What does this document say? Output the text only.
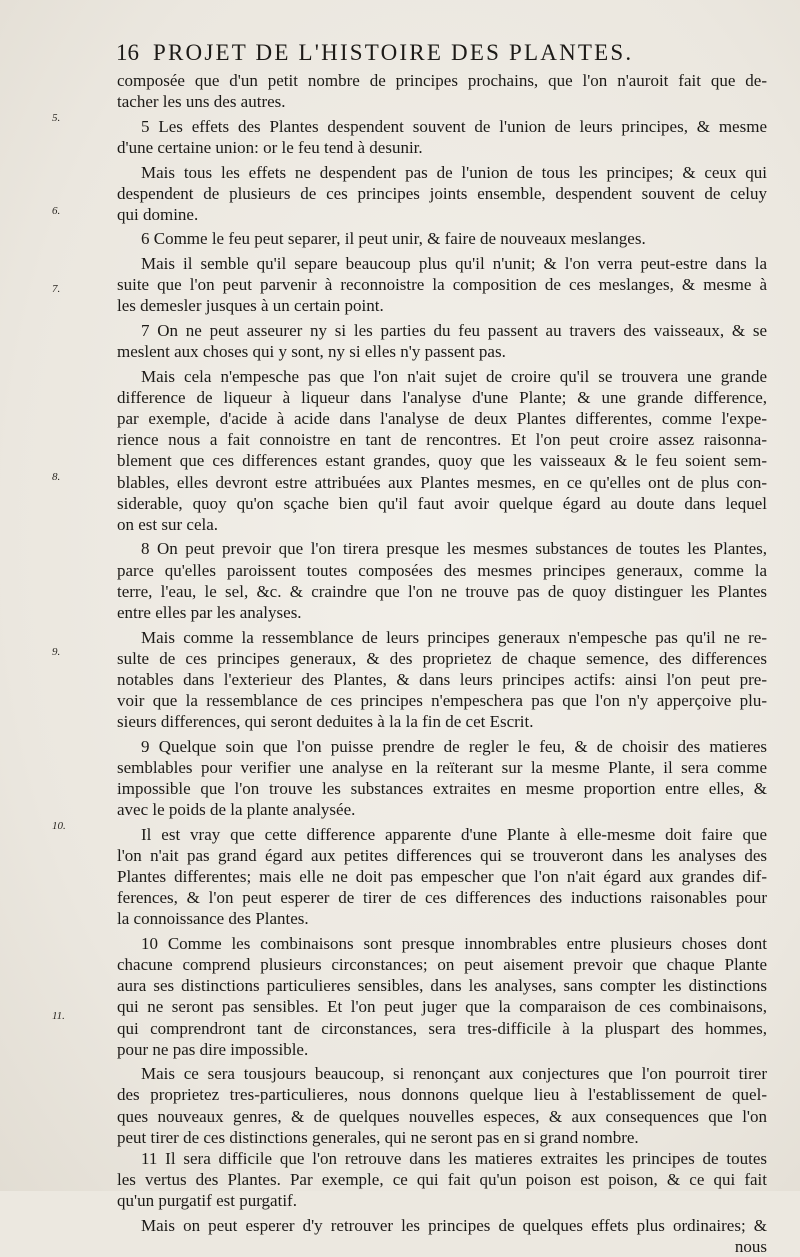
16 PROJET DE L'HISTOIRE DES PLANTES.
5.
6.
7.
8.
9.
10.
11.
composée que d'un petit nombre de principes prochains, que l'on n'auroit fait que de-
tacher les uns des autres.
5 Les effets des Plantes despendent souvent de l'union de leurs principes, & mesme
d'une certaine union: or le feu tend à desunir.
Mais tous les effets ne despendent pas de l'union de tous les principes; & ceux qui
despendent de plusieurs de ces principes joints ensemble, despendent souvent de celuy
qui domine.
6 Comme le feu peut separer, il peut unir, & faire de nouveaux meslanges.
Mais il semble qu'il separe beaucoup plus qu'il n'unit; & l'on verra peut-estre dans la
suite que l'on peut parvenir à reconnoistre la composition de ces meslanges, & mesme à
les demesler jusques à un certain point.
7 On ne peut asseurer ny si les parties du feu passent au travers des vaisseaux, & se
meslent aux choses qui y sont, ny si elles n'y passent pas.
Mais cela n'empesche pas que l'on n'ait sujet de croire qu'il se trouvera une grande
difference de liqueur à liqueur dans l'analyse d'une Plante; & une grande difference,
par exemple, d'acide à acide dans l'analyse de deux Plantes differentes, comme l'expe-
rience nous a fait connoistre en tant de rencontres. Et l'on peut croire assez raisonna-
blement que ces differences estant grandes, quoy que les vaisseaux & le feu soient sem-
blables, elles devront estre attribuées aux Plantes mesmes, en ce qu'elles ont de plus con-
siderable, quoy qu'on sçache bien qu'il faut avoir quelque égard au doute dans lequel
on est sur cela.
8 On peut prevoir que l'on tirera presque les mesmes substances de toutes les Plantes,
parce qu'elles paroissent toutes composées des mesmes principes generaux, comme la
terre, l'eau, le sel, &c. & craindre que l'on ne trouve pas de quoy distinguer les Plantes
entre elles par les analyses.
Mais comme la ressemblance de leurs principes generaux n'empesche pas qu'il ne re-
sulte de ces principes generaux, & des proprietez de chaque semence, des differences
notables dans l'exterieur des Plantes, & dans leurs principes actifs: ainsi l'on peut pre-
voir que la ressemblance de ces principes n'empeschera pas que l'on n'y apperçoive plu-
sieurs differences, qui seront deduites à la la fin de cet Escrit.
9 Quelque soin que l'on puisse prendre de regler le feu, & de choisir des matieres
semblables pour verifier une analyse en la reïterant sur la mesme Plante, il sera comme
impossible que l'on trouve les substances extraites en mesme proportion entre elles, &
avec le poids de la plante analysée.
Il est vray que cette difference apparente d'une Plante à elle-mesme doit faire que
l'on n'ait pas grand égard aux petites differences qui se trouveront dans les analyses des
Plantes differentes; mais elle ne doit pas empescher que l'on n'ait égard aux grandes dif-
ferences, & l'on peut esperer de tirer de ces differences des inductions raisonables pour
la connoissance des Plantes.
10 Comme les combinaisons sont presque innombrables entre plusieurs choses dont
chacune comprend plusieurs circonstances; on peut aisement prevoir que chaque Plante
aura ses distinctions particulieres sensibles, dans les analyses, sans compter les distinctions
qui ne seront pas sensibles. Et l'on peut juger que la comparaison de ces combinaisons,
qui comprendront tant de circonstances, sera tres-difficile à la pluspart des hommes,
pour ne pas dire impossible.
Mais ce sera tousjours beaucoup, si renonçant aux conjectures que l'on pourroit tirer
des proprietez tres-particulieres, nous donnons quelque lieu à l'establissement de quel-
ques nouveaux genres, & de quelques nouvelles especes, & aux consequences que l'on
peut tirer de ces distinctions generales, qui ne seront pas en si grand nombre.
11 Il sera difficile que l'on retrouve dans les matieres extraites les principes de toutes
les vertus des Plantes. Par exemple, ce qui fait qu'un poison est poison, & ce qui fait
qu'un purgatif est purgatif.
Mais on peut esperer d'y retrouver les principes de quelques effets plus ordinaires; &
nous
